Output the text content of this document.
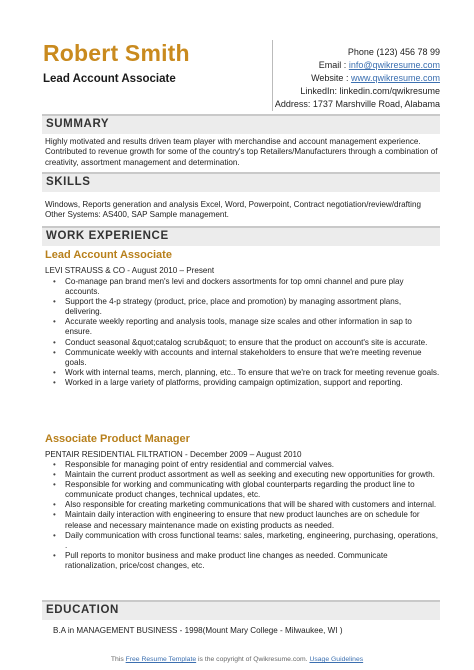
Robert Smith
Lead Account Associate
Phone (123) 456 78 99
Email : info@qwikresume.com
Website : www.qwikresume.com
LinkedIn: linkedin.com/qwikresume
Address: 1737 Marshville Road, Alabama
SUMMARY
Highly motivated and results driven team player with merchandise and account management experience. Contributed to revenue growth for some of the country's top Retailers/Manufacturers through a combination of creativity, assortment management and determination.
SKILLS
Windows, Reports generation and analysis Excel, Word, Powerpoint, Contract negotiation/review/drafting Other Systems: AS400, SAP Sample management.
WORK EXPERIENCE
Lead Account Associate
LEVI STRAUSS & CO - August 2010 – Present
• Co-manage pan brand men's levi and dockers assortments for top omni channel and pure play accounts.
• Support the 4-p strategy (product, price, place and promotion) by managing assortment plans, delivering.
• Accurate weekly reporting and analysis tools, manage size scales and other information in sap to ensure.
• Conduct seasonal &quot;catalog scrub&quot; to ensure that the product on account's site is accurate.
• Communicate weekly with accounts and internal stakeholders to ensure that we're meeting revenue goals.
• Work with internal teams, merch, planning, etc.. To ensure that we're on track for meeting revenue goals.
• Worked in a large variety of platforms, providing campaign optimization, support and reporting.
Associate Product Manager
PENTAIR RESIDENTIAL FILTRATION - December 2009 – August 2010
• Responsible for managing point of entry residential and commercial valves.
• Maintain the current product assortment as well as seeking and executing new opportunities for growth.
• Responsible for working and communicating with global counterparts regarding the product line to communicate product changes, technical updates, etc.
• Also responsible for creating marketing communications that will be shared with customers and internal.
• Maintain daily interaction with engineering to ensure that new product launches are on schedule for release and necessary maintenance made on existing products as needed.
• Daily communication with cross functional teams: sales, marketing, engineering, purchasing, operations, .
• Pull reports to monitor business and make product line changes as needed. Communicate rationalization, price/cost changes, etc.
EDUCATION
B.A in MANAGEMENT BUSINESS - 1998(Mount Mary College - Milwaukee, WI )
This Free Resume Template is the copyright of Qwikresume.com. Usage Guidelines
